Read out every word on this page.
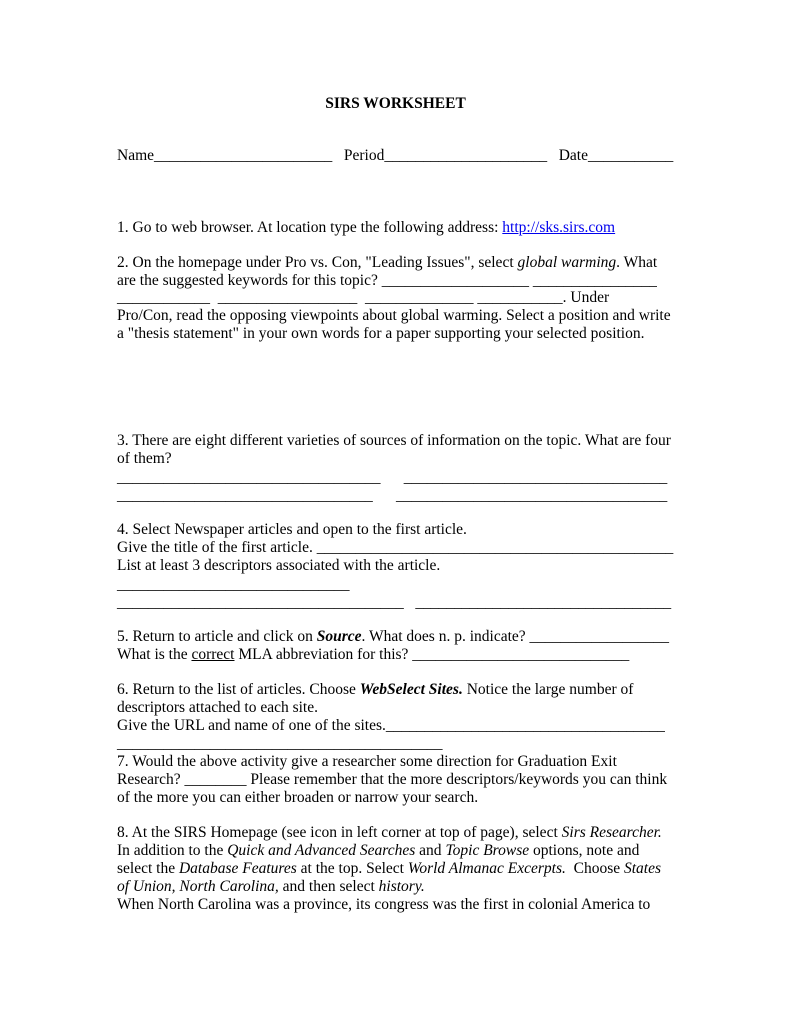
SIRS WORKSHEET
Name_______________________   Period_____________________   Date___________
1. Go to web browser. At location type the following address: http://sks.sirs.com
2. On the homepage under Pro vs. Con, "Leading Issues", select global warming. What
are the suggested keywords for this topic? ___________________ ________________
____________  __________________  ______________ ___________. Under
Pro/Con, read the opposing viewpoints about global warming. Select a position and write
a "thesis statement" in your own words for a paper supporting your selected position.
3. There are eight different varieties of sources of information on the topic. What are four
of them?
__________________________________      __________________________________
_________________________________      ___________________________________
4. Select Newspaper articles and open to the first article.
Give the title of the first article. ______________________________________________
List at least 3 descriptors associated with the article.
______________________________
_____________________________________   _________________________________
5. Return to article and click on Source. What does n. p. indicate? __________________
What is the correct MLA abbreviation for this? ____________________________
6. Return to the list of articles. Choose WebSelect Sites. Notice the large number of
descriptors attached to each site.
Give the URL and name of one of the sites.____________________________________
__________________________________________
7. Would the above activity give a researcher some direction for Graduation Exit
Research? ________ Please remember that the more descriptors/keywords you can think
of the more you can either broaden or narrow your search.
8. At the SIRS Homepage (see icon in left corner at top of page), select Sirs Researcher.
In addition to the Quick and Advanced Searches and Topic Browse options, note and
select the Database Features at the top. Select World Almanac Excerpts.  Choose States
of Union, North Carolina, and then select history.
When North Carolina was a province, its congress was the first in colonial America to
